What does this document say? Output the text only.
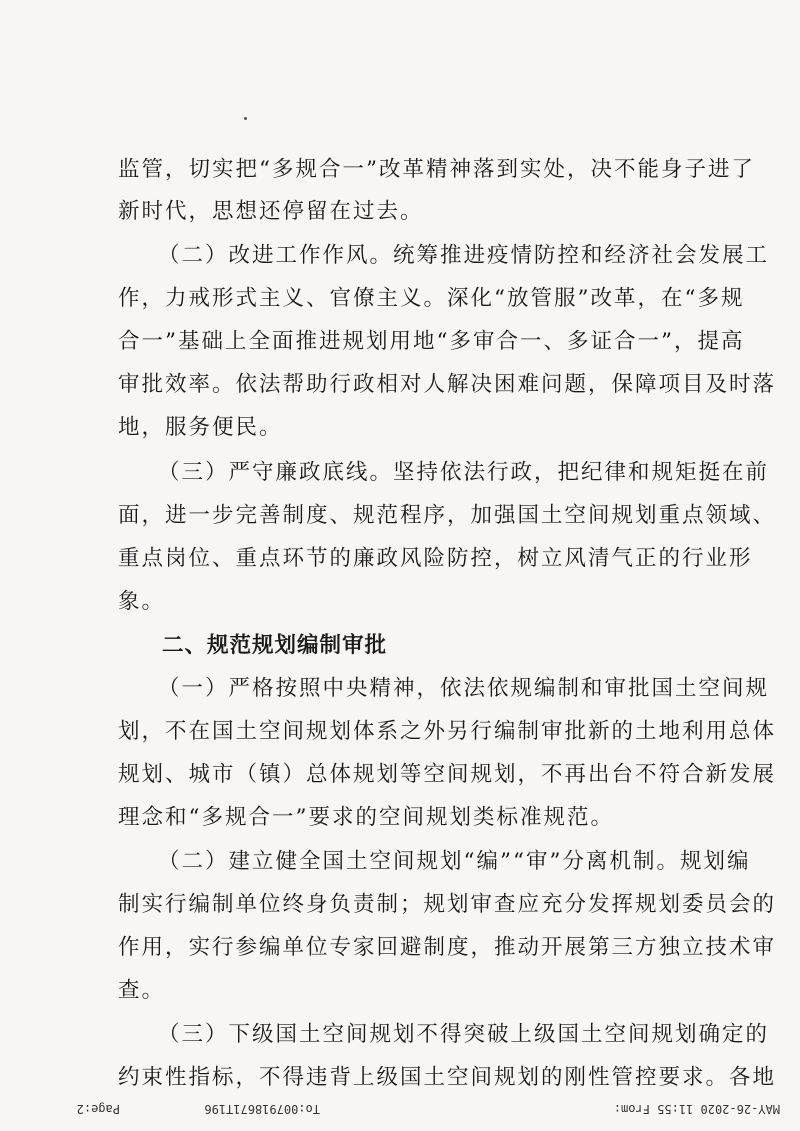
监管，切实把“多规合一”改革精神落到实处，决不能身子进了
新时代，思想还停留在过去。
（二）改进工作作风。统筹推进疫情防控和经济社会发展工
作，力戒形式主义、官僚主义。深化“放管服”改革，在“多规
合一”基础上全面推进规划用地“多审合一、多证合一”，提高
审批效率。依法帮助行政相对人解决困难问题，保障项目及时落
地，服务便民。
（三）严守廉政底线。坚持依法行政，把纪律和规矩挺在前
面，进一步完善制度、规范程序，加强国土空间规划重点领域、
重点岗位、重点环节的廉政风险防控，树立风清气正的行业形
象。
二、规范规划编制审批
（一）严格按照中央精神，依法依规编制和审批国土空间规
划，不在国土空间规划体系之外另行编制审批新的土地利用总体
规划、城市（镇）总体规划等空间规划，不再出台不符合新发展
理念和“多规合一”要求的空间规划类标准规范。
（二）建立健全国土空间规划“编”“审”分离机制。规划编
制实行编制单位终身负责制；规划审查应充分发挥规划委员会的
作用，实行参编单位专家回避制度，推动开展第三方独立技术审
查。
（三）下级国土空间规划不得突破上级国土空间规划确定的
约束性指标，不得违背上级国土空间规划的刚性管控要求。各地
MAY-26-2020 11:55 From:
To:007918671T196
Page:2
